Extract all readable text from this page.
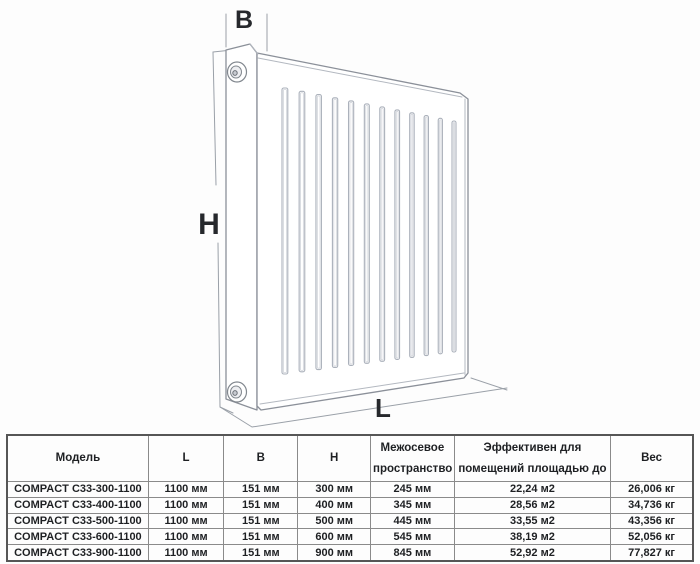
B
H
L
Модель	L	B	H	Межосевое пространство	Эффективен для помещений площадью до	Вес
COMPACT C33-300-1100	1100 мм	151 мм	300 мм	245 мм	22,24 м2	26,006 кг
COMPACT C33-400-1100	1100 мм	151 мм	400 мм	345 мм	28,56 м2	34,736 кг
COMPACT C33-500-1100	1100 мм	151 мм	500 мм	445 мм	33,55 м2	43,356 кг
COMPACT C33-600-1100	1100 мм	151 мм	600 мм	545 мм	38,19 м2	52,056 кг
COMPACT C33-900-1100	1100 мм	151 мм	900 мм	845 мм	52,92 м2	77,827 кг
